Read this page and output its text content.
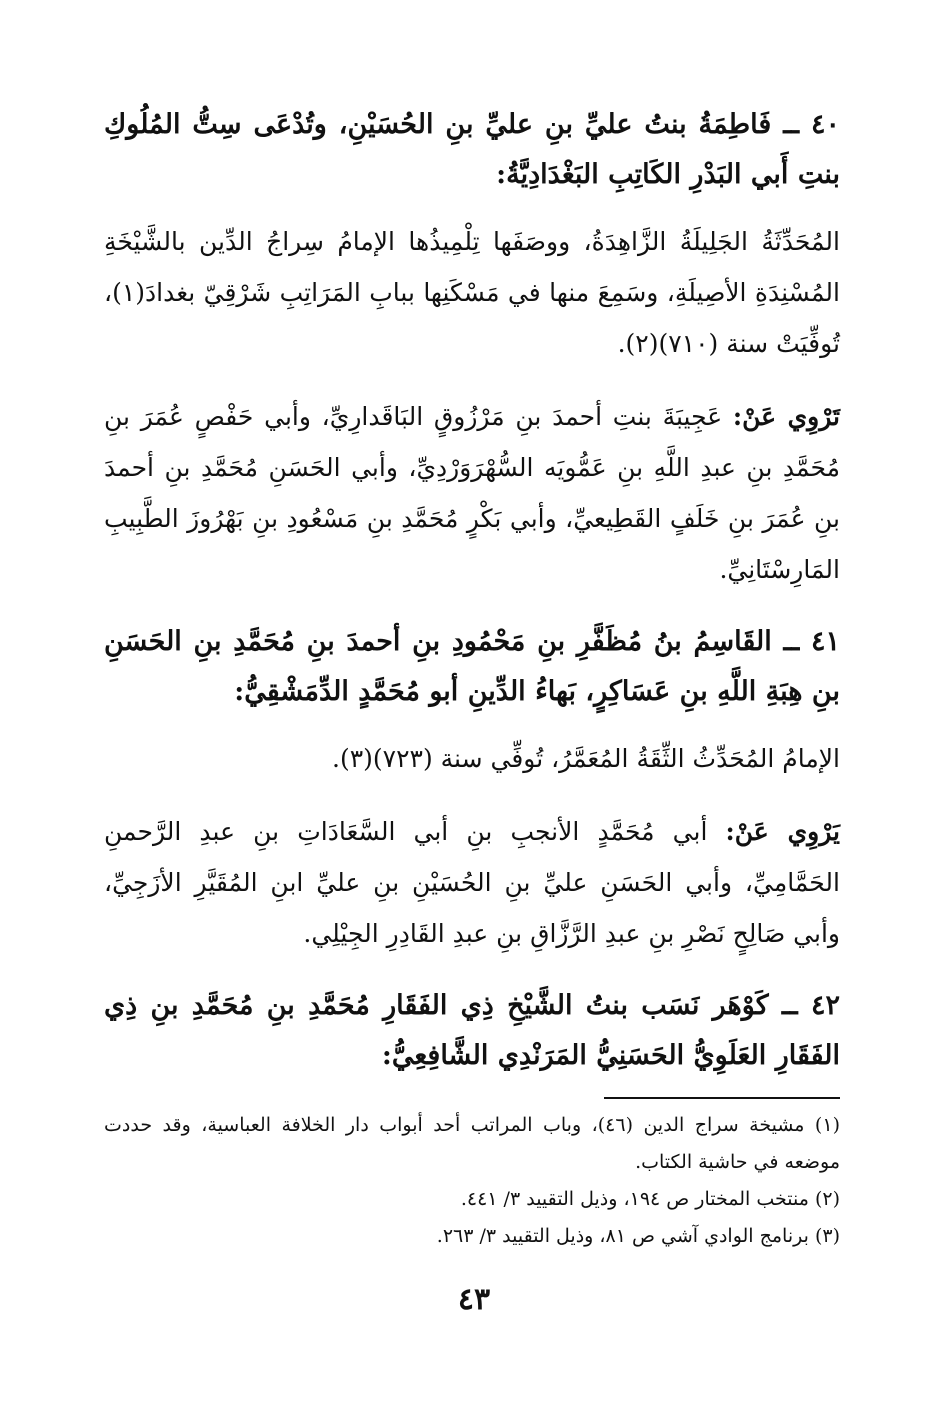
٤٠ ــ فَاطِمَةُ بنتُ عليِّ بنِ عليِّ بنِ الحُسَيْنِ، وتُدْعَى سِتُّ المُلُوكِ بنتِ أَبي البَدْرِ الكَاتِبِ البَغْدَادِيَّةُ:

المُحَدِّثَةُ الجَلِيلَةُ الزَّاهِدَةُ، ووصَفَها تِلْمِيذُها الإمامُ سِراجُ الدِّين بالشَّيْخَةِ المُسْنِدَةِ الأصِيلَةِ، وسَمِعَ منها في مَسْكَنِها ببابِ المَرَاتِبِ شَرْقِيّ بغدادَ(١)، تُوفِّيَتْ سنة (٧١٠)(٢).

تَرْوِي عَنْ: عَجِيبَةَ بنتِ أحمدَ بنِ مَرْزُوقٍ البَاقَدارِيِّ، وأبي حَفْصٍ عُمَرَ بنِ مُحَمَّدِ بنِ عبدِ اللَّهِ بنِ عَمُّويَه السُّهْرَوَرْدِيِّ، وأبي الحَسَنِ مُحَمَّدِ بنِ أحمدَ بنِ عُمَرَ بنِ خَلَفٍ القَطِيعيِّ، وأبي بَكْرٍ مُحَمَّدِ بنِ مَسْعُودِ بنِ بَهْرُوزَ الطَّبِيبِ المَارِسْتَانِيِّ.

٤١ ــ القَاسِمُ بنُ مُظَفَّرِ بنِ مَحْمُودِ بنِ أحمدَ بنِ مُحَمَّدِ بنِ الحَسَنِ بنِ هِبَةِ اللَّهِ بنِ عَسَاكِرٍ، بَهاءُ الدِّينِ أبو مُحَمَّدٍ الدِّمَشْقِيُّ:

الإمامُ المُحَدِّثُ الثِّقَةُ المُعَمَّرُ، تُوفِّي سنة (٧٢٣)(٣).

يَرْوِي عَنْ: أبي مُحَمَّدٍ الأنجبِ بنِ أبي السَّعَادَاتِ بنِ عبدِ الرَّحمنِ الحَمَّامِيِّ، وأبي الحَسَنِ عليِّ بنِ الحُسَيْنِ بنِ عليِّ ابنِ المُقَيَّرِ الأزَجِيِّ، وأبي صَالِحٍ نَصْرِ بنِ عبدِ الرَّزَّاقِ بنِ عبدِ القَادِرِ الجِيْلِي.

٤٢ ــ كَوْهَر نَسَب بنتُ الشَّيْخِ ذِي الفَقَارِ مُحَمَّدِ بنِ مُحَمَّدِ بنِ ذِي الفَقَارِ العَلَوِيُّ الحَسَنِيُّ المَرَنْدِي الشَّافِعِيُّ:

(١) مشيخة سراج الدين (٤٦)، وباب المراتب أحد أبواب دار الخلافة العباسية، وقد حددت موضعه في حاشية الكتاب.

(٢) منتخب المختار ص ١٩٤، وذيل التقييد ٣/ ٤٤١.

(٣) برنامج الوادي آشي ص ٨١، وذيل التقييد ٣/ ٢٦٣.

٤٣
